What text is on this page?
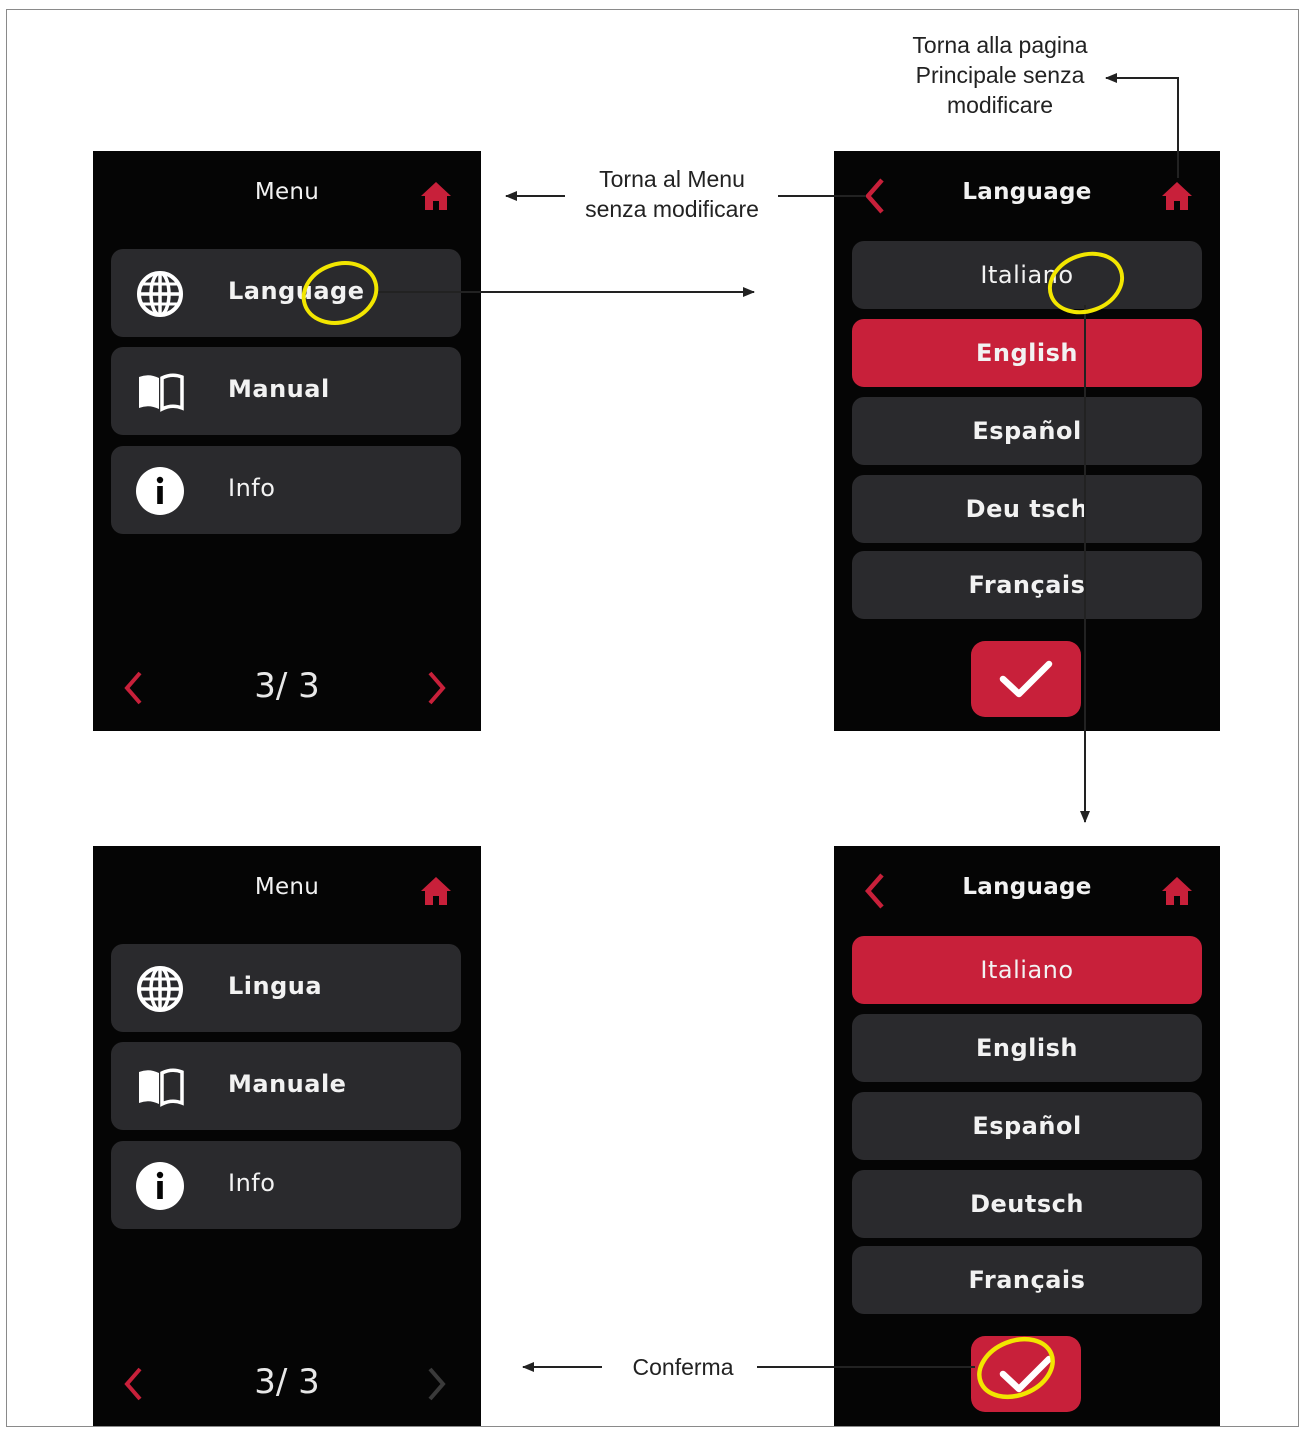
Menu
Language
Manual
Info
3/ 3
Language
Italiano
English
Español
Deu tsch
Français
Menu
Lingua
Manuale
Info
3/ 3
Language
Italiano
English
Español
Deutsch
Français
Torna alla pagina
Principale senza
modificare
Torna al Menu
senza modificare
Conferma
